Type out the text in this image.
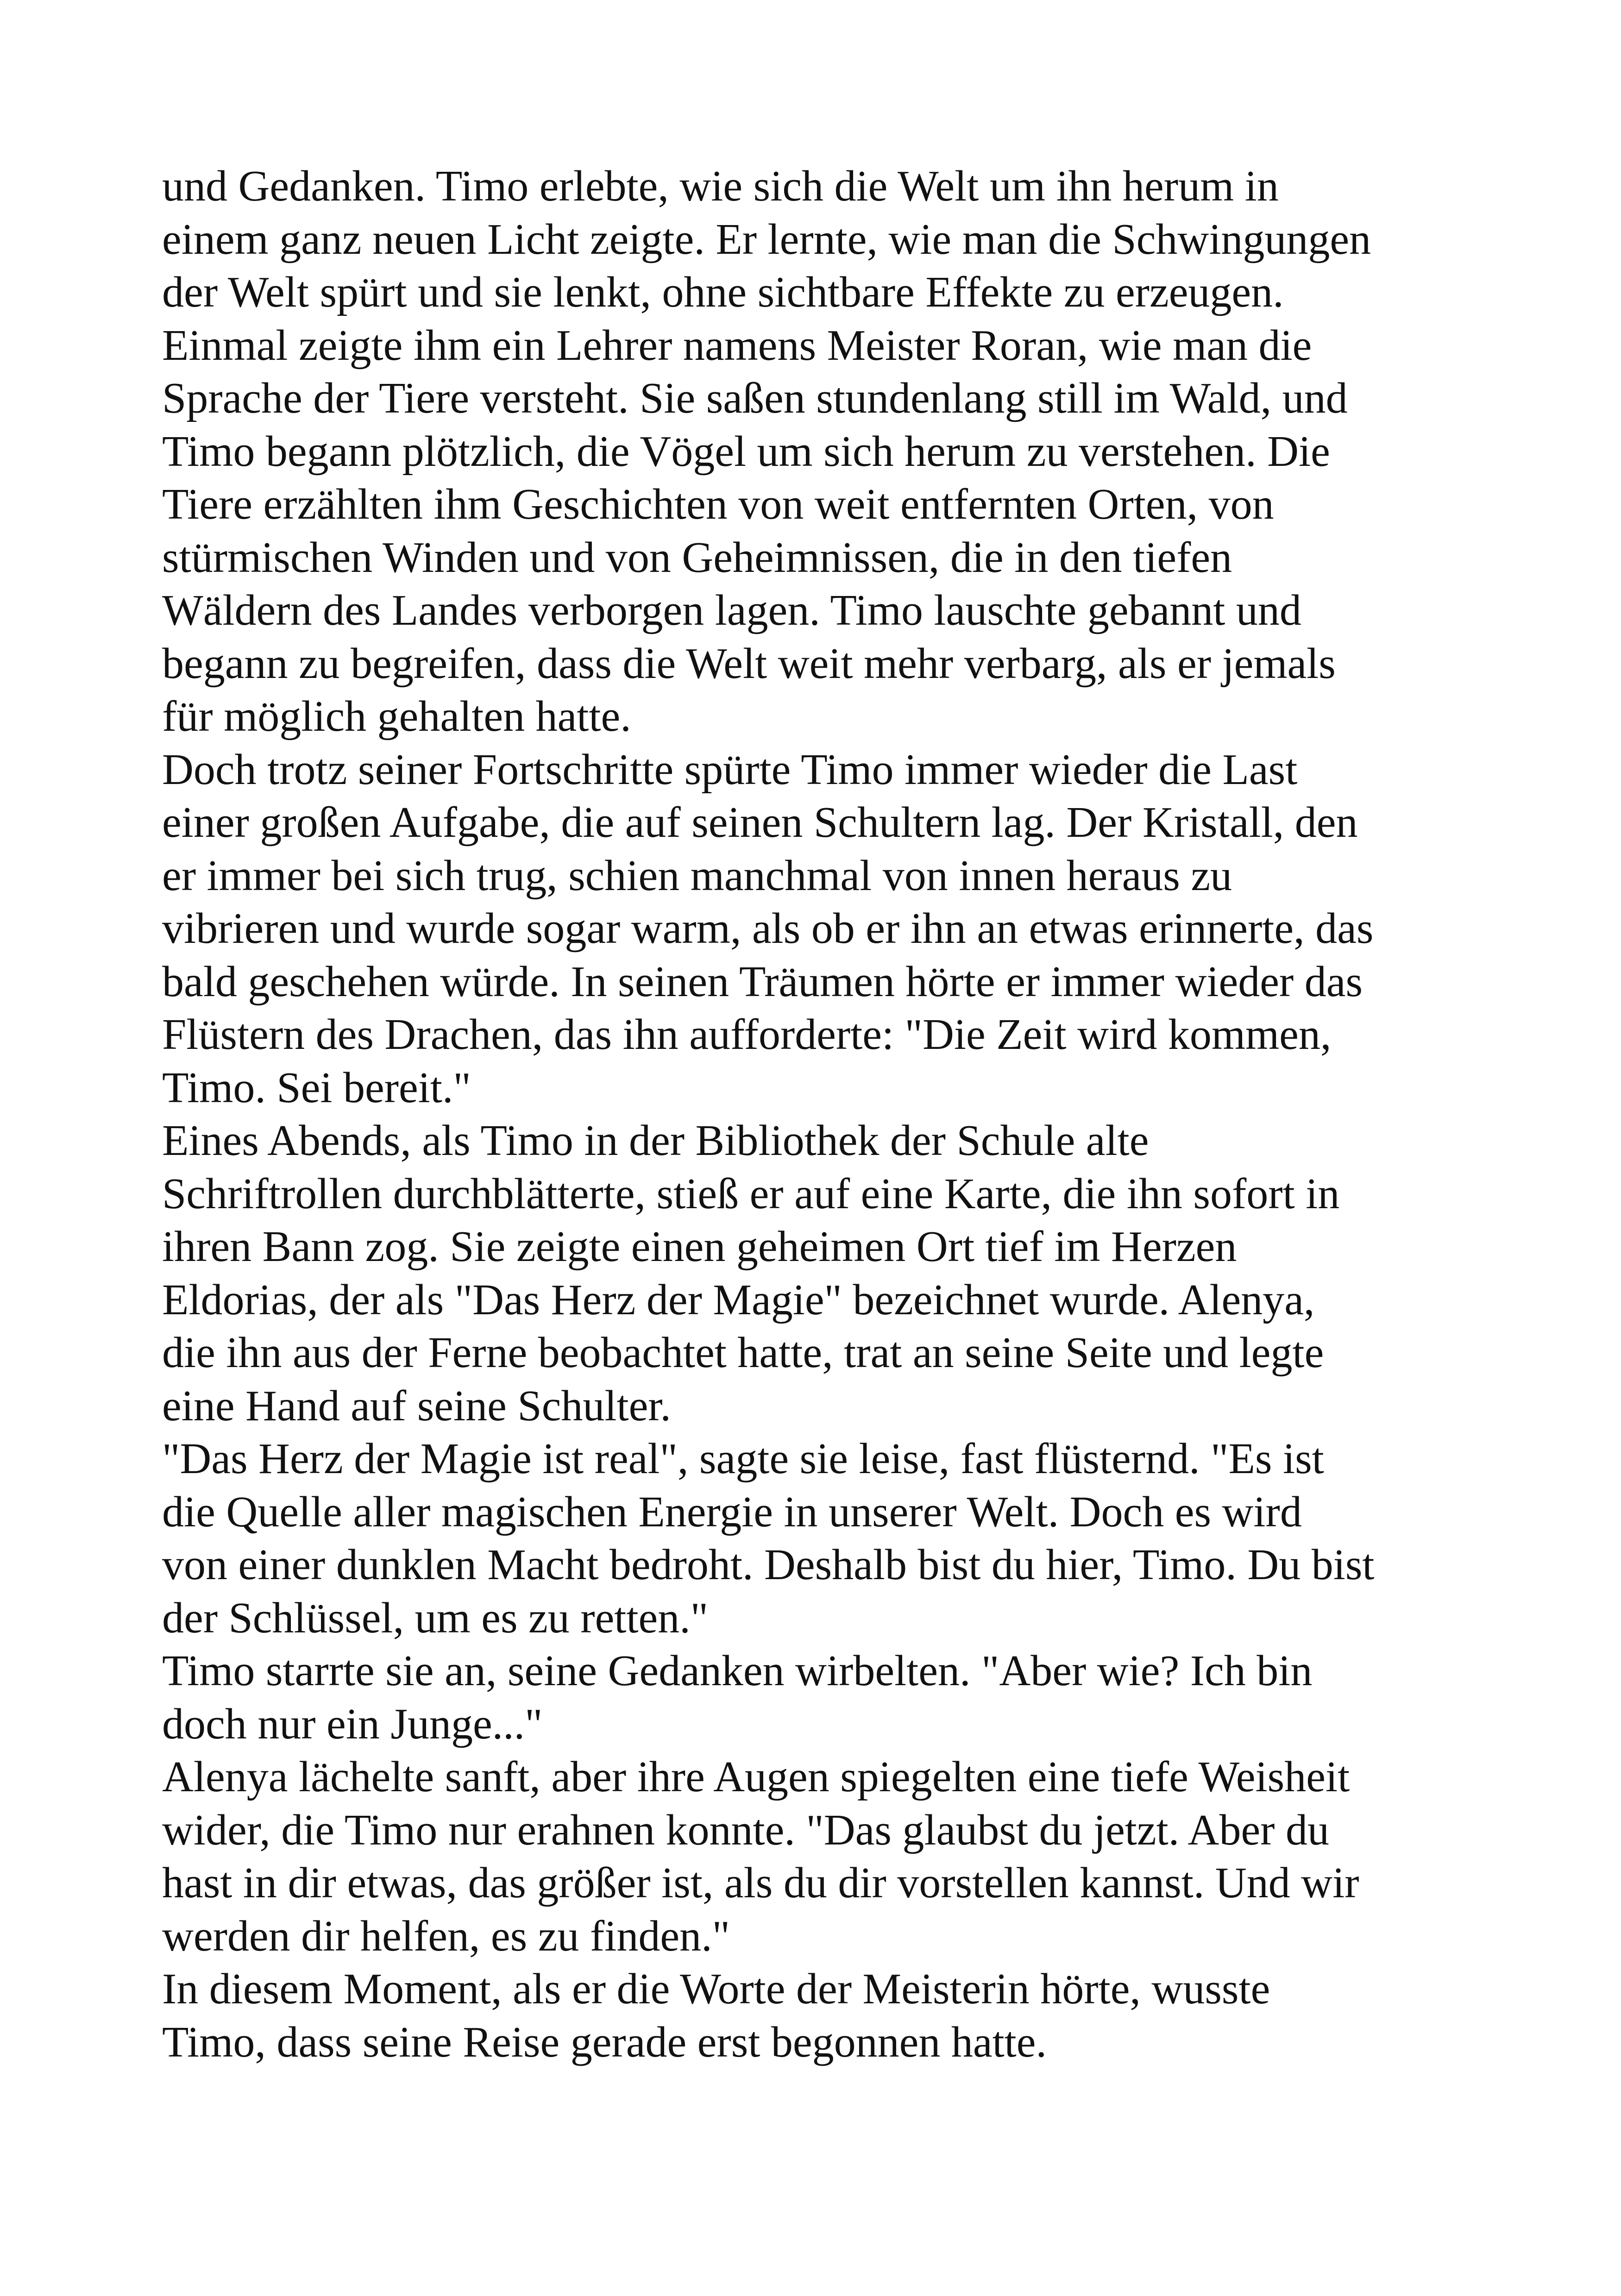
und Gedanken. Timo erlebte, wie sich die Welt um ihn herum in
einem ganz neuen Licht zeigte. Er lernte, wie man die Schwingungen
der Welt spürt und sie lenkt, ohne sichtbare Effekte zu erzeugen.
Einmal zeigte ihm ein Lehrer namens Meister Roran, wie man die
Sprache der Tiere versteht. Sie saßen stundenlang still im Wald, und
Timo begann plötzlich, die Vögel um sich herum zu verstehen. Die
Tiere erzählten ihm Geschichten von weit entfernten Orten, von
stürmischen Winden und von Geheimnissen, die in den tiefen
Wäldern des Landes verborgen lagen. Timo lauschte gebannt und
begann zu begreifen, dass die Welt weit mehr verbarg, als er jemals
für möglich gehalten hatte.
Doch trotz seiner Fortschritte spürte Timo immer wieder die Last
einer großen Aufgabe, die auf seinen Schultern lag. Der Kristall, den
er immer bei sich trug, schien manchmal von innen heraus zu
vibrieren und wurde sogar warm, als ob er ihn an etwas erinnerte, das
bald geschehen würde. In seinen Träumen hörte er immer wieder das
Flüstern des Drachen, das ihn aufforderte: "Die Zeit wird kommen,
Timo. Sei bereit."
Eines Abends, als Timo in der Bibliothek der Schule alte
Schriftrollen durchblätterte, stieß er auf eine Karte, die ihn sofort in
ihren Bann zog. Sie zeigte einen geheimen Ort tief im Herzen
Eldorias, der als "Das Herz der Magie" bezeichnet wurde. Alenya,
die ihn aus der Ferne beobachtet hatte, trat an seine Seite und legte
eine Hand auf seine Schulter.
"Das Herz der Magie ist real", sagte sie leise, fast flüsternd. "Es ist
die Quelle aller magischen Energie in unserer Welt. Doch es wird
von einer dunklen Macht bedroht. Deshalb bist du hier, Timo. Du bist
der Schlüssel, um es zu retten."
Timo starrte sie an, seine Gedanken wirbelten. "Aber wie? Ich bin
doch nur ein Junge..."
Alenya lächelte sanft, aber ihre Augen spiegelten eine tiefe Weisheit
wider, die Timo nur erahnen konnte. "Das glaubst du jetzt. Aber du
hast in dir etwas, das größer ist, als du dir vorstellen kannst. Und wir
werden dir helfen, es zu finden."
In diesem Moment, als er die Worte der Meisterin hörte, wusste
Timo, dass seine Reise gerade erst begonnen hatte.
